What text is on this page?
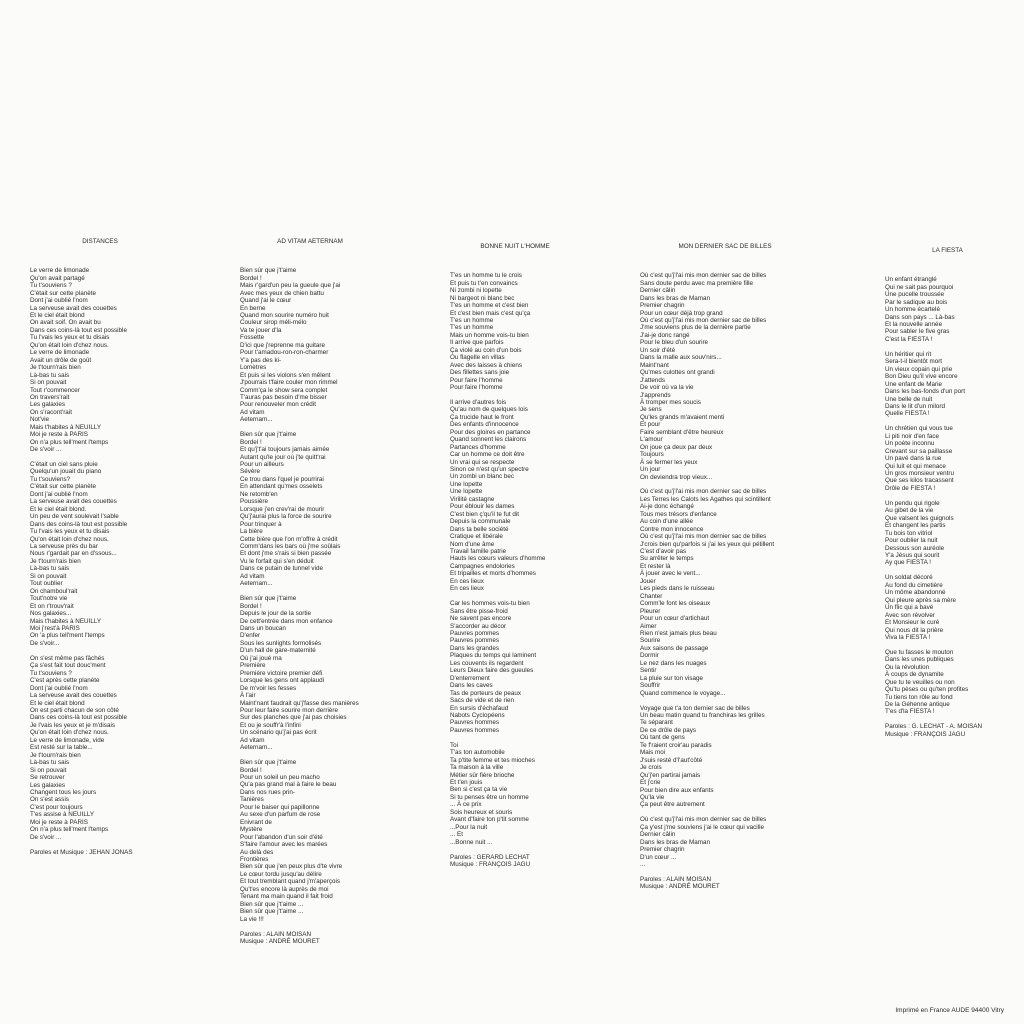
DISTANCES

Le verre de limonade
Qu'on avait partagé
Tu t'souviens ?
C'était sur cette planète
Dont j'ai oublié l'nom
La serveuse avait des couettes
Et le ciel était blond
On avait soif. On avait bu
Dans ces coins-là tout est possible
Tu l'vais les yeux et tu disais
Qu'on était loin d'chez nous.
Le verre de limonade
Avait un drôle de goût
Je t'tourn'rais bien
Là-bas tu sais
Si on pouvait
Tout r'commencer
On travers'rait
Les galaxies
On s'racont'rait
Not'vie
Mais t'habites à NEUILLY
Moi je reste à PARIS
On n'a plus tell'ment l'temps
De s'voir ...
C'était un ciel sans pluie
Quelqu'un jouait du piano
Tu t'souviens?
C'était sur cette planète
Dont j'ai oublié l'nom
La serveuse avait des couettes
Et le ciel était blond.
Un peu de vent soulevait l'sable
Dans des coins-là tout est possible
Tu l'vais les yeux et tu disais
Qu'on était loin d'chez nous.
La serveuse près du bar
Nous r'gardait par en d'ssous...
Je t'tourn'rais bien
Là-bas tu sais
Si on pouvait
Tout oublier
On chamboul'rait
Tout'notre vie
Et on r'trouv'rait
Nos galaxies...
Mais t'habites à NEUILLY
Moi j'rest'à PARIS
On 'a plus tell'ment l'temps
De s'voir...
On s'est même pas fâchés
Ça s'est fait tout douc'ment
Tu t'souviens ?
C'est après cette planète
Dont j'ai oublié l'nom
La serveuse avait des couettes
Et le ciel était blond
On est parti chacun de son côté
Dans ces coins-là tout est possible
Je l'vais les yeux et je m'disais
Qu'on était loin d'chez nous.
Le verre de limonade, vide
Est resté sur la table...
Je t'tourn'rais bien
Là-bas tu sais
Si on pouvait
Se retrouver
Les galaxies
Changent tous les jours
On s'est assis
C'est pour toujours
T'es assise à NEUILLY
Moi je reste à PARIS
On n'a plus tell'ment l'temps
De s'voir ...
Paroles et Musique : JEHAN JONAS

AD VITAM AETERNAM

Bien sûr que j't'aime
Bordel !
Mais r'gard'un peu la gueule que j'ai
Avec mes yeux de chien battu
Quand j'ai le cœur
En berne
Quand mon sourire numéro huit
Couleur sirop méli-mélo
Va te jouer d'la
Fossette
D'ici que j'reprenne ma guitare
Pour t'amadou-ron-ron-charmer
Y'a pas des ki-
Lomètres
Et puis si les violons s'en mêlent
J'pourrais t'faire couler mon rimmel
Comm'ça le show sera complet
T'auras pas besoin d'me bisser
Pour renouveler mon crédit
Ad vitam
Aeternam...
Bien sûr que j't'aime
Bordel !
Et qu'j't'ai toujours jamais aimée
Autant qu'le jour où j'te quitt'rai
Pour un ailleurs
Sévère
Ce trou dans l'quel je pourrirai
En attendant qu'mes osselets
Ne retomb'en
Poussière
Lorsque j'en crev'rai de mourir
Qu'j'aurai plus la force de sourire
Pour trinquer à
La bière
Cette bière que l'on m'offre à crédit
Comm'dans les bars où j'me soûlais
Et dont j'me s'rais si bien passée
Vu le forfait qui s'en déduit
Dans ce putain de tunnel vide
Ad vitam
Aeternam...
Bien sûr que j't'aime
Bordel !
Depuis le jour de la sortie
De cett'entrée dans mon enfance
Dans un boucan
D'enfer
Sous les sunlights formolisés
D'un hall de gare-maternité
Où j'ai joué ma
Première
Première victoire premier défi
Lorsque les gens ont applaudi
De m'voir les fesses
À l'air
Maint'nant faudrait qu'j'fasse des manières
Pour leur faire sourire mon derrière
Sur des planches que j'ai pas choisies
Et ou je souffr'à l'infini
Un scénario qu'j'ai pas écrit
Ad vitam
Aeternam...
Bien sûr que j't'aime
Bordel !
Pour un soleil un peu macho
Qu'a pas grand mal à faire le beau
Dans nos rues prin-
Tanières
Pour le baiser qui papillonne
Au sexe d'un parfum de rose
Enivrant de
Mystère
Pour l'abandon d'un soir d'été
S'faire l'amour avec les marées
Au delà des
Frontières
Bien sûr que j'en peux plus d'te vivre
Le cœur tordu jusqu'au délire
Et tout tremblant quand j'm'aperçois
Qu't'es encore là auprès de moi
Tenant ma main quand il fait froid
Bien sûr que j't'aime ...
Bien sûr que j't'aime ...
La vie !!!
Paroles : ALAIN MOISAN
Musique : ANDRÉ MOURET

BONNE NUIT L'HOMME

T'es un homme tu le crois
Et puis tu t'en convaincs
Ni zombi ni lopette
Ni bargeot ni blanc bec
T'es un homme et c'est bien
Et c'est bien mais c'est qu'ça
T'es un homme
T'es un homme
Mais un homme vois-tu bien
Il arrive que parfois
Ça violé au coin d'un bois
Ou flagelle en villas
Avec des laisses à chiens
Des fillettes sans joie
Pour faire l'homme
Pour faire l'homme
Il arrive d'autres fois
Qu'au nom de quelques lois
Ça trucide haut le front
Des enfants d'innocence
Pour des gloires en partance
Quand sonnent les clairons
Partances d'homme
Car un homme ce doit être
Un vrai qui se respecte
Sinon ce n'est qu'un spectre
Un zombi un blanc bec
Une lopette
Une lopette
Virilité castagne
Pour éblouir les dames
C'est bien ç'qu'il te fut dit
Depuis la communale
Dans ta belle société
Cratique et libérale
Nom d'une âme
Travail famille patrie
Hauts les cœurs valeurs d'homme
Campagnes endolories
Et tripailles et morts d'hommes
En ces lieux
En ces lieux
Car les hommes vois-tu bien
Sans être pisse-froid
Ne savent pas encore
S'accorder au décor
Pauvres pommes
Pauvres pommes
Dans les grandes
Plaques du temps qui laminent
Les couvents ils regardent
Leurs Dieux faire des gueules
D'enterrement
Dans les caves
Tas de porteurs de peaux
Sacs de vide et de rien
En sursis d'échafaud
Nabots Cyclopéens
Pauvres hommes
Pauvres hommes
Toi
T'as ton automobile
Ta p'tite femme et tes mioches
Ta maison à la ville
Métier sûr fière brioche
Et t'en jouis
Ben si c'est ça ta vie
Si tu penses être un homme
... À ce prix
Sois heureux et souris
Avant d'faire ton p'tit somme
...Pour la nuit
... Et
...Bonne nuit ...
Paroles : GERARD LECHAT
Musique : FRANÇOIS JAGU

MON DERNIER SAC DE BILLES

Où c'est qu'j'l'ai mis mon dernier sac de billes
Sans doute perdu avec ma première fille
Dernier câlin
Dans les bras de Maman
Premier chagrin
Pour un cœur déjà trop grand
Où c'est qu'j'l'ai mis mon dernier sac de billes
J'me souviens plus de la dernière partie
J'ai-je donc rangé
Pour le bleu d'un sourire
Un soir d'été
Dans la malle aux souv'nirs...
Maint'nant
Qu'mes culottes ont grandi
J'attends
De voir où va la vie
J'apprends
À tromper mes soucis
Je sens
Qu'les grands m'avaient menti
Et pour
Faire semblant d'être heureux
L'amour
On joue ça deux par deux
Toujours
À se fermer les yeux
Un jour
On deviendra trop vieux...
Où c'est qu'j'l'ai mis mon dernier sac de billes
Les Terres les Calots les Agathes qui scintillent
Ai-je donc échangé
Tous mes trésors d'enfance
Au coin d'une allée
Contre mon innocence
Où c'est qu'j'l'ai mis mon dernier sac de billes
J'crois bien qu'parfois si j'ai les yeux qui pétillent
C'est d'avoir pas
Su arrêter le temps
Et rester là
À jouer avec le vent...
Jouer
Les pieds dans le ruisseau
Chanter
Comm'le font les oiseaux
Pleurer
Pour un cœur d'artichaut
Aimer
Rien n'est jamais plus beau
Sourire
Aux saisons de passage
Dormir
Le nez dans les nuages
Sentir
La pluie sur ton visage
Souffrir
Quand commence le voyage...
Voyage que t'a ton dernier sac de billes
Un beau matin quand tu franchiras les grilles
Te séparant
De ce drôle de pays
Où tant de gens
Te f'raient croir'au paradis
Mais moi
J'suis resté d'l'aut'côté
Je crois
Qu'j'en partirai jamais
Et j'crie
Pour bien dire aux enfants
Qu'la vie
Ça peut être autrement
Où c'est qu'j'l'ai mis mon dernier sac de billes
Ça y'est j'me souviens j'ai le cœur qui vacille
Dernier câlin
Dans les bras de Maman
Premier chagrin
D'un cœur ...
...
Paroles : ALAIN MOISAN
Musique : ANDRÉ MOURET

LA FIESTA

Un enfant étranglé
Qui ne sait pas pourquoi
Une pucelle troussée
Par le sadique au bois
Un homme écartelé
Dans son pays ... Là-bas
Et la nouvelle année
Pour sabler le five gras
C'est la FIESTA !
Un héritier qui rit
Sera-t-il bientôt mort
Un vieux copain qui prie
Bon Dieu qu'il vive encore
Une enfant de Marie
Dans les bas-fonds d'un port
Une belle de nuit
Dans le lit d'un milord
Quelle FIESTA !
Un chrétien qui vous tue
Li piti noir d'en face
Un poète inconnu
Crevant sur sa paillasse
Un pavé dans la rue
Qui luit et qui menace
Un gros monsieur ventru
Que ses kilos tracassent
Drôle de FIESTA !
Un pendu qui rigole
Au gibet de la vie
Que valsent les guignols
Et changent les partis
Tu bois ton vitriol
Pour oublier la nuit
Dessous son auréole
Y'a Jésus qui sourit
Ay que FIESTA !
Un soldat décoré
Au fond du cimetière
Un môme abandonné
Qui pleure après sa mère
Un flic qui a bavé
Avec son révolver
Et Monsieur le curé
Qui nous dit la prière
Viva la FIESTA !
Que tu fasses le mouton
Dans les unes publiques
Ou la révolution
À coups de dynamite
Que tu te veuilles ou non
Qu'tu pèses ou qu'ten profites
Tu tiens ton rôle au fond
De la Géhenne antique
T'es d'la FIESTA !
Paroles : G. LECHAT - A. MOISAN
Musique : FRANÇOIS JAGU

Imprimé en France AUDE 94400 Vitry
